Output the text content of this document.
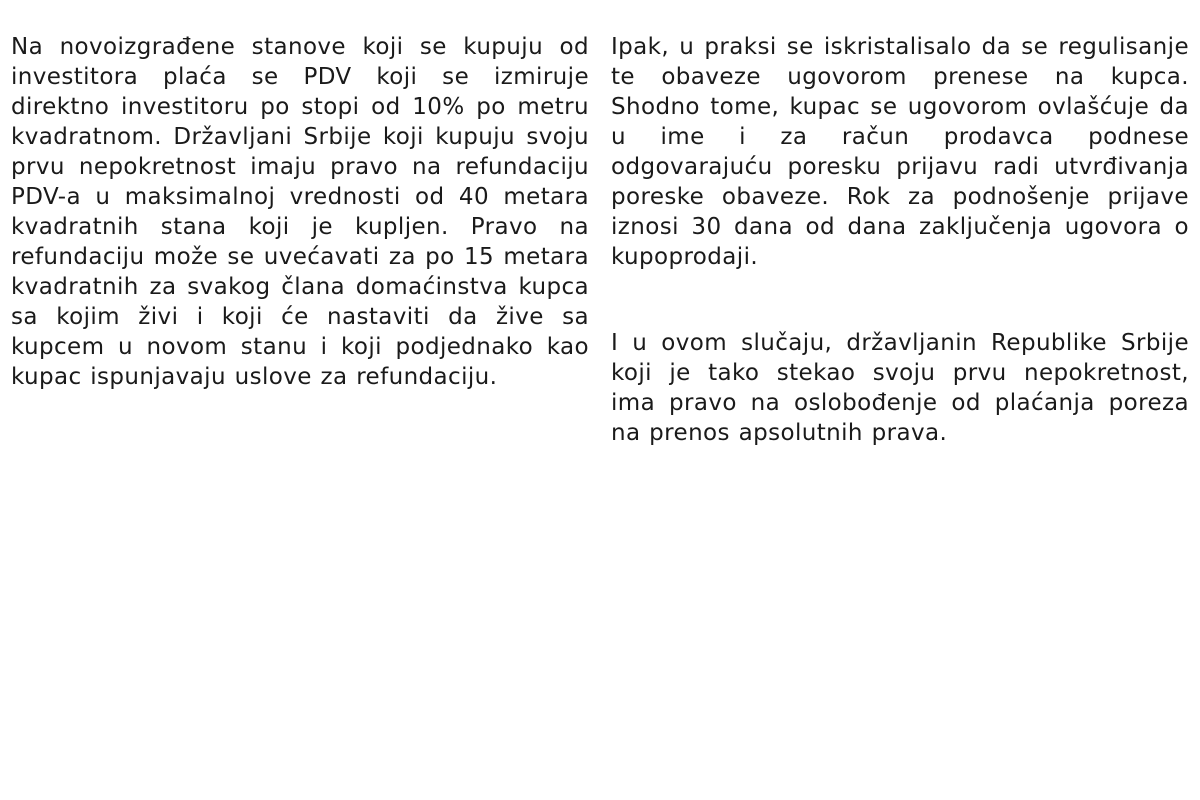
Na novoizgrađene stanove koji se kupuju od investitora plaća se PDV koji se izmiruje direktno investitoru po stopi od 10% po metru kvadratnom. Državljani Srbije koji kupuju svoju prvu nepokretnost imaju pravo na refundaciju PDV-a u maksimalnoj vrednosti od 40 metara kvadratnih stana koji je kupljen. Pravo na refundaciju može se uvećavati za po 15 metara kvadratnih za svakog člana domaćinstva kupca sa kojim živi i koji će nastaviti da žive sa kupcem u novom stanu i koji podjednako kao kupac ispunjavaju uslove za refundaciju.

Ipak, u praksi se iskristalisalo da se regulisanje te obaveze ugovorom prenese na kupca. Shodno tome, kupac se ugovorom ovlašćuje da u ime i za račun prodavca podnese odgovarajuću poresku prijavu radi utvrđivanja poreske obaveze. Rok za podnošenje prijave iznosi 30 dana od dana zaključenja ugovora o kupoprodaji.

I u ovom slučaju, državljanin Republike Srbije koji je tako stekao svoju prvu nepokretnost, ima pravo na oslobođenje od plaćanja poreza na prenos apsolutnih prava.
